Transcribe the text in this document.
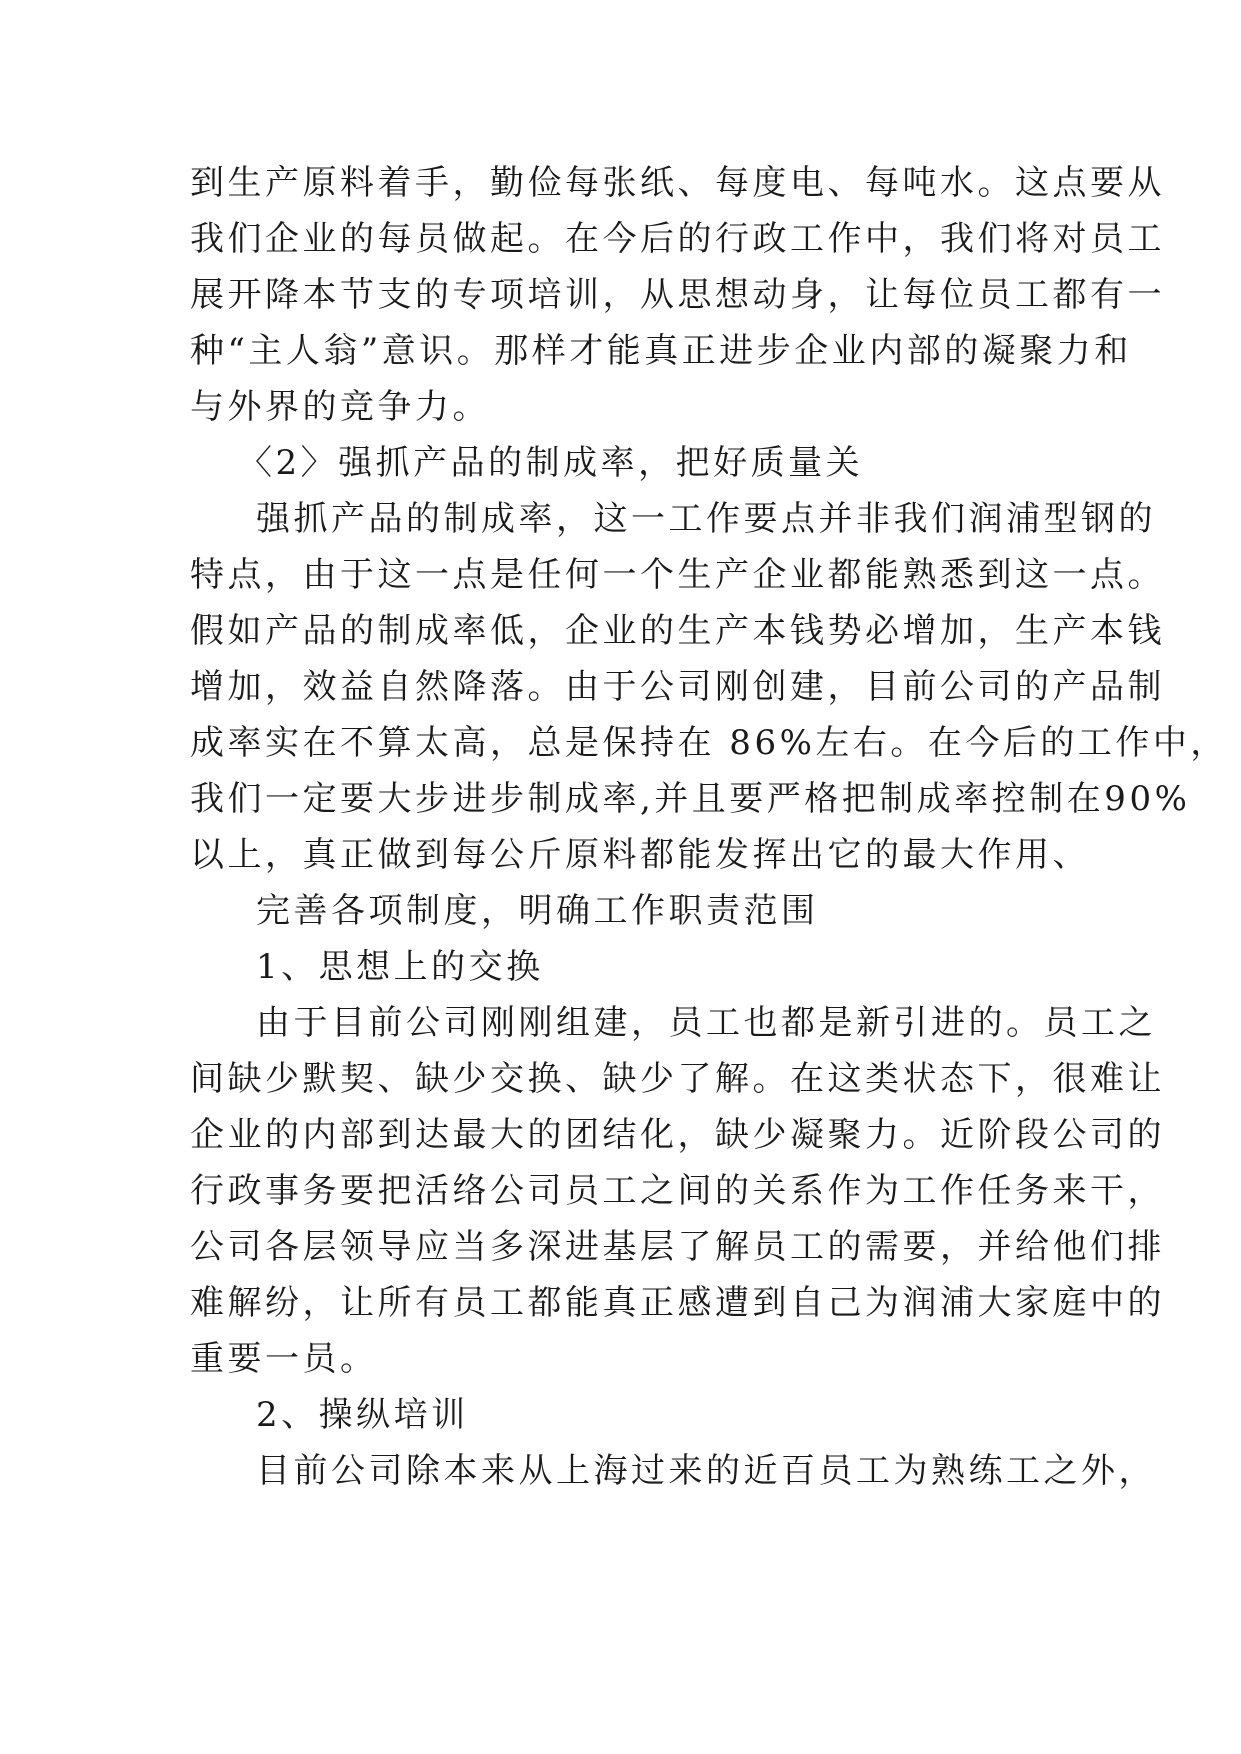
到生产原料着手，勤俭每张纸、每度电、每吨水。这点要从
我们企业的每员做起。在今后的行政工作中，我们将对员工
展开降本节支的专项培训，从思想动身，让每位员工都有一
种“主人翁”意识。那样才能真正进步企业内部的凝聚力和
与外界的竞争力。
〈2〉强抓产品的制成率，把好质量关
强抓产品的制成率，这一工作要点并非我们润浦型钢的
特点，由于这一点是任何一个生产企业都能熟悉到这一点。
假如产品的制成率低，企业的生产本钱势必增加，生产本钱
增加，效益自然降落。由于公司刚创建，目前公司的产品制
成率实在不算太高，总是保持在 86%左右。在今后的工作中，
我们一定要大步进步制成率,并且要严格把制成率控制在90%
以上，真正做到每公斤原料都能发挥出它的最大作用、
完善各项制度，明确工作职责范围
1、思想上的交换
由于目前公司刚刚组建，员工也都是新引进的。员工之
间缺少默契、缺少交换、缺少了解。在这类状态下，很难让
企业的内部到达最大的团结化，缺少凝聚力。近阶段公司的
行政事务要把活络公司员工之间的关系作为工作任务来干，
公司各层领导应当多深进基层了解员工的需要，并给他们排
难解纷，让所有员工都能真正感遭到自己为润浦大家庭中的
重要一员。
2、操纵培训
目前公司除本来从上海过来的近百员工为熟练工之外，
